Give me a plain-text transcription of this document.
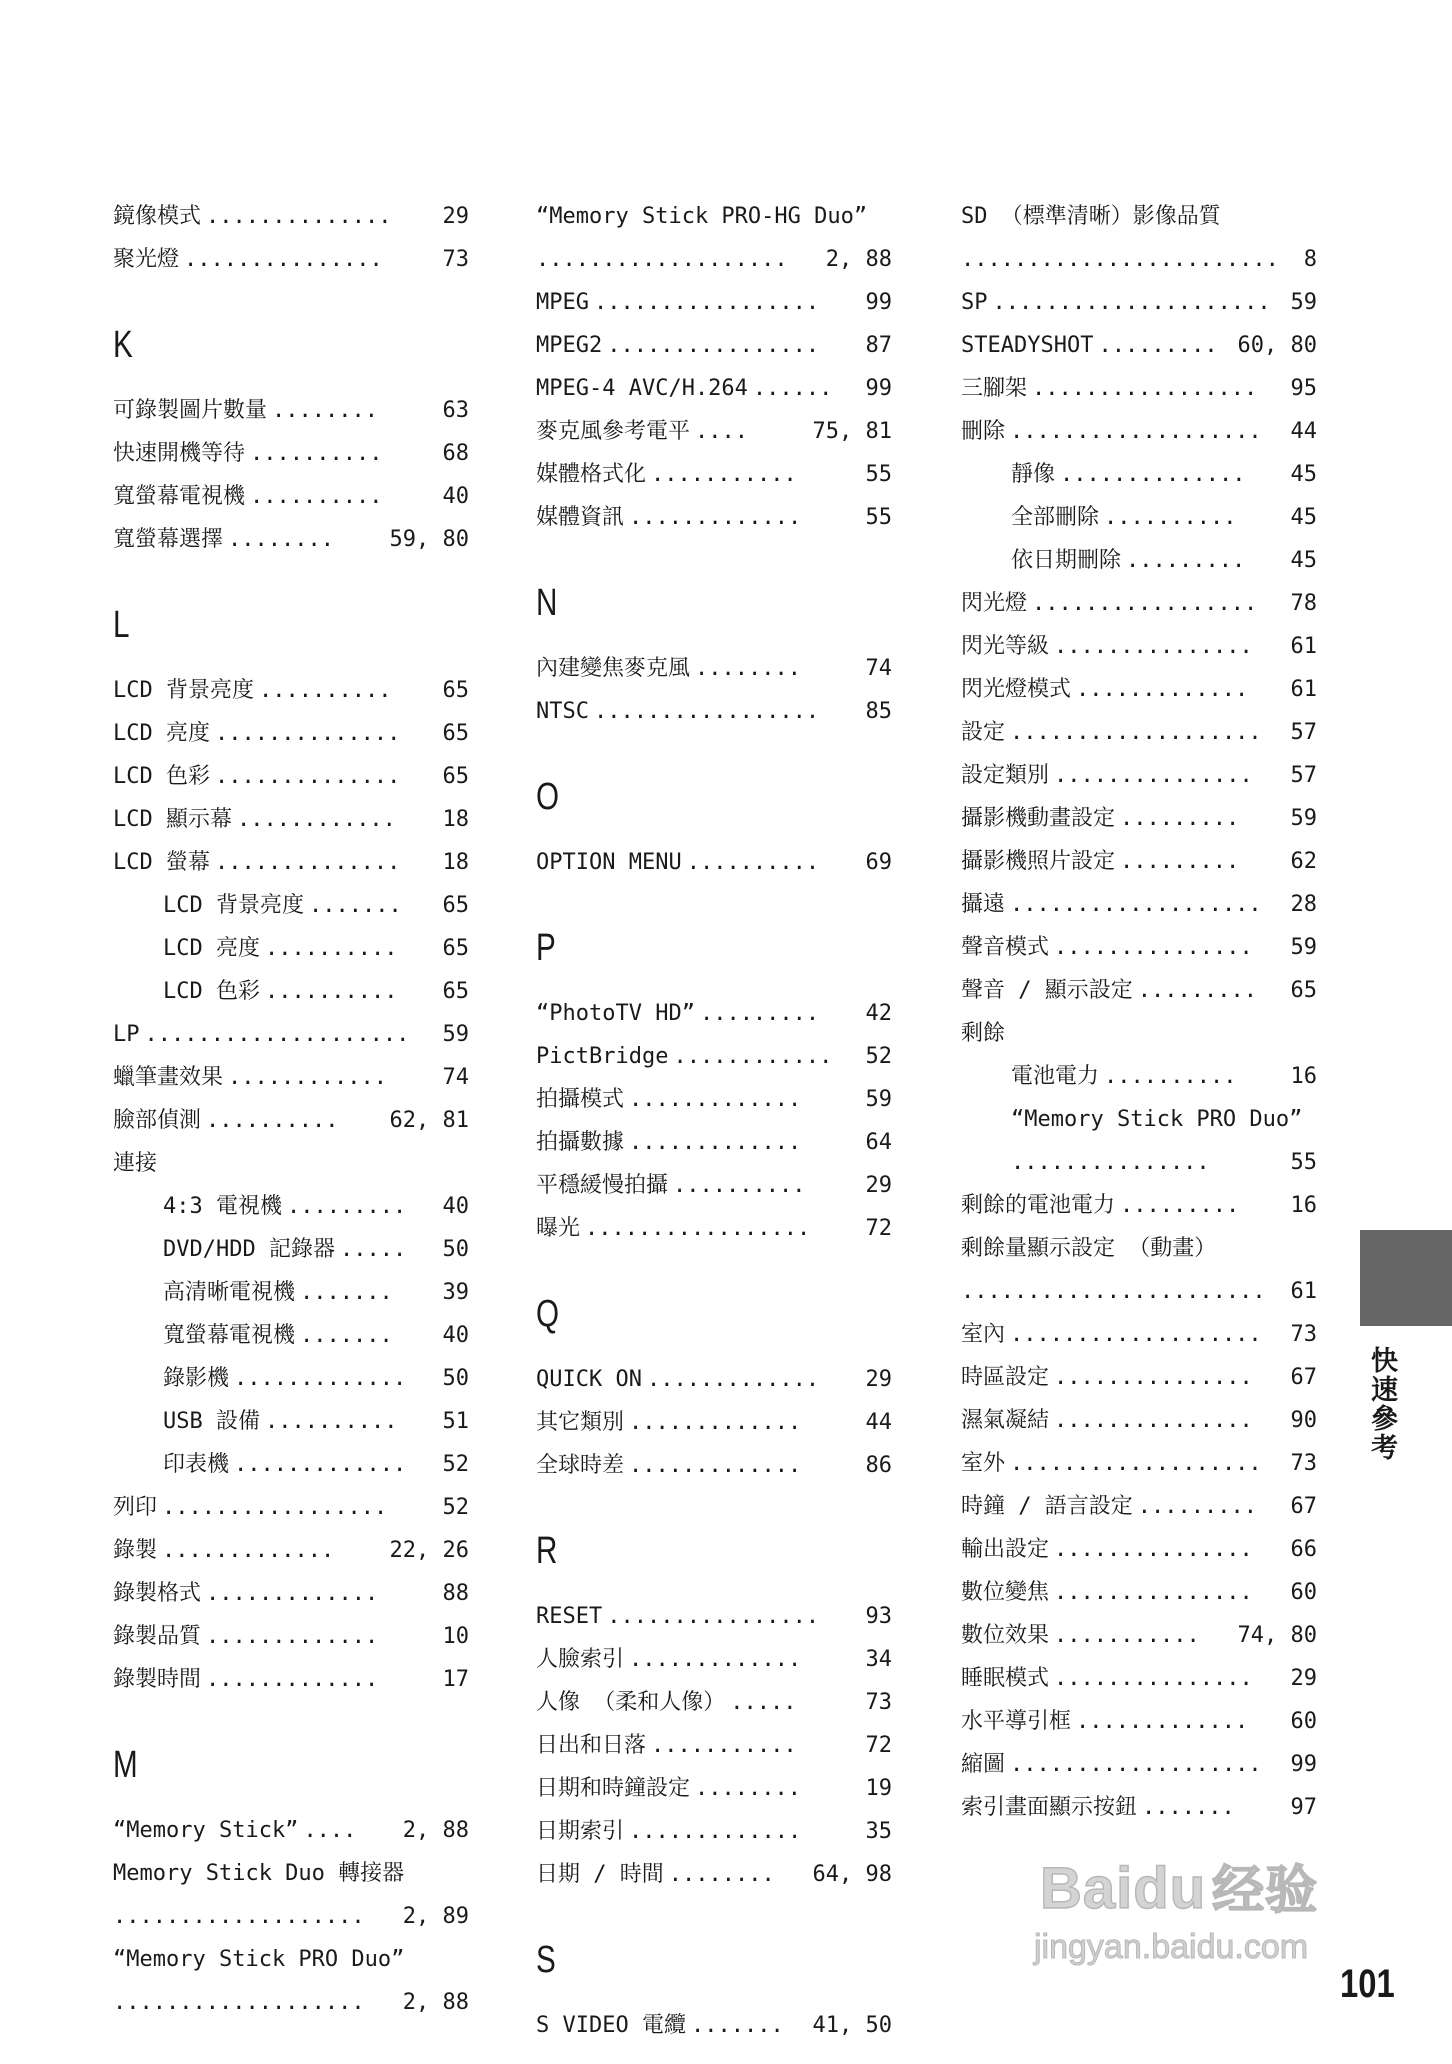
鏡像模式 ..............	29
聚光燈 ...............	73
K
可錄製圖片數量 ........	63
快速開機等待 ..........	68
寬螢幕電視機 ..........	40
寬螢幕選擇 ........	59, 80
L
LCD 背景亮度 ..........	65
LCD 亮度 ..............	65
LCD 色彩 ..............	65
LCD 顯示幕 ............	18
LCD 螢幕 ..............	18
LCD 背景亮度 .......	65
LCD 亮度 ..........	65
LCD 色彩 ..........	65
LP ....................	59
蠟筆畫效果 ............	74
臉部偵測 ..........	62, 81
連接
4:3 電視機 .........	40
DVD/HDD 記錄器 .....	50
高清晰電視機 .......	39
寬螢幕電視機 .......	40
錄影機 .............	50
USB 設備 ..........	51
印表機 .............	52
列印 .................	52
錄製 .............	22, 26
錄製格式 .............	88
錄製品質 .............	10
錄製時間 .............	17
M
“Memory Stick” ....	2, 88
Memory Stick Duo 轉接器
...................	2, 89
“Memory Stick PRO Duo”
...................	2, 88
“Memory Stick PRO-HG Duo”
...................	2, 88
MPEG .................	99
MPEG2 ................	87
MPEG-4 AVC/H.264 ......	99
麥克風參考電平 ....	75, 81
媒體格式化 ...........	55
媒體資訊 .............	55
N
內建變焦麥克風 ........	74
NTSC .................	85
O
OPTION MENU ..........	69
P
“PhotoTV HD” .........	42
PictBridge ............	52
拍攝模式 .............	59
拍攝數據 .............	64
平穩緩慢拍攝 ..........	29
曝光 .................	72
Q
QUICK ON .............	29
其它類別 .............	44
全球時差 .............	86
R
RESET ................	93
人臉索引 .............	34
人像 （柔和人像） .....	73
日出和日落 ...........	72
日期和時鐘設定 ........	19
日期索引 .............	35
日期 / 時間 ........	64, 98
S
S VIDEO 電纜 .......	41, 50
SD （標準清晰）影像品質
........................	8
SP ..................... 59
STEADYSHOT ......... 60, 80
三腳架 .................	95
刪除 ...................	44
靜像 ..............	45
全部刪除 ..........	45
依日期刪除 .........	45
閃光燈 .................	78
閃光等級 ...............	61
閃光燈模式 .............	61
設定 ...................	57
設定類別 ...............	57
攝影機動畫設定 .........	59
攝影機照片設定 .........	62
攝遠 ...................	28
聲音模式 ...............	59
聲音 / 顯示設定 .........	65
剩餘
電池電力 ..........	16
“Memory Stick PRO Duo”
...............	55
剩餘的電池電力 .........	16
剩餘量顯示設定 （動畫）
.......................	61
室內 ...................	73
時區設定 ...............	67
濕氣凝結 ...............	90
室外 ...................	73
時鐘 / 語言設定 .........	67
輸出設定 ...............	66
數位變焦 ...............	60
數位效果 ...........	74, 80
睡眠模式 ...............	29
水平導引框 .............	60
縮圖 ...................	99
索引畫面顯示按鈕 .......	97
快速參考
101
Baidu 经验
jingyan.baidu.com
